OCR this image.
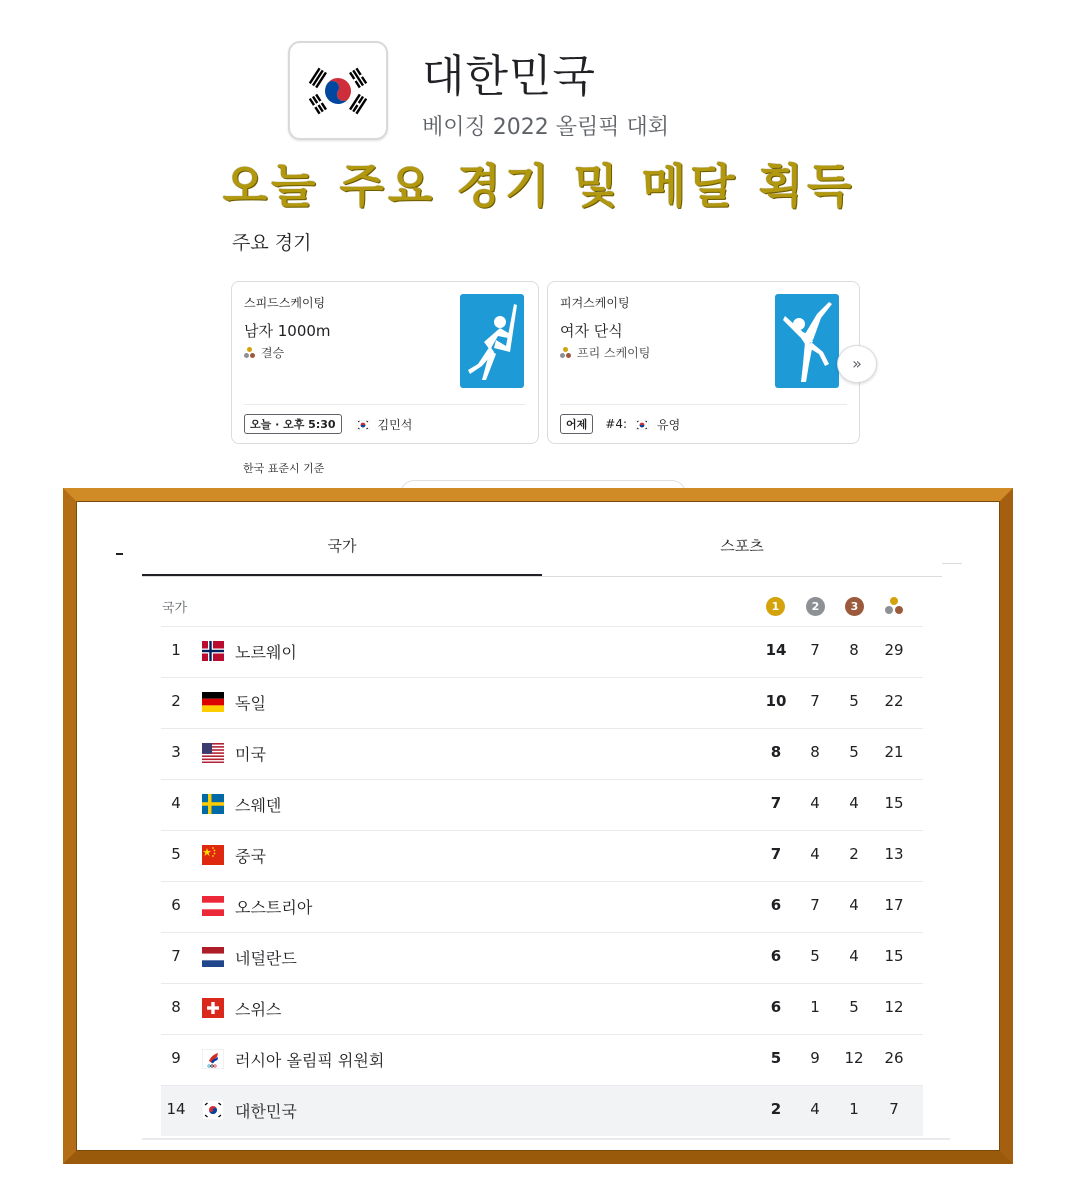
대한민국
베이징 2022 올림픽 대회
오늘 주요 경기 및 메달 획득
주요 경기
스피드스케이팅
남자 1000m
결승
오늘 · 오후 5:30	김민석
피겨스케이팅
여자 단식
프리 스케이팅
어제	#4:	유영
»
한국 표준시 기준
국가	스포츠
국가	1	2	3
1	노르웨이	14	7	8	29
2	독일	10	7	5	22
3	미국	8	8	5	21
4	스웨덴	7	4	4	15
5	중국	7	4	2	13
6	오스트리아	6	7	4	17
7	네덜란드	6	5	4	15
8	스위스	6	1	5	12
9	러시아 올림픽 위원회	5	9	12	26
14	대한민국	2	4	1	7
